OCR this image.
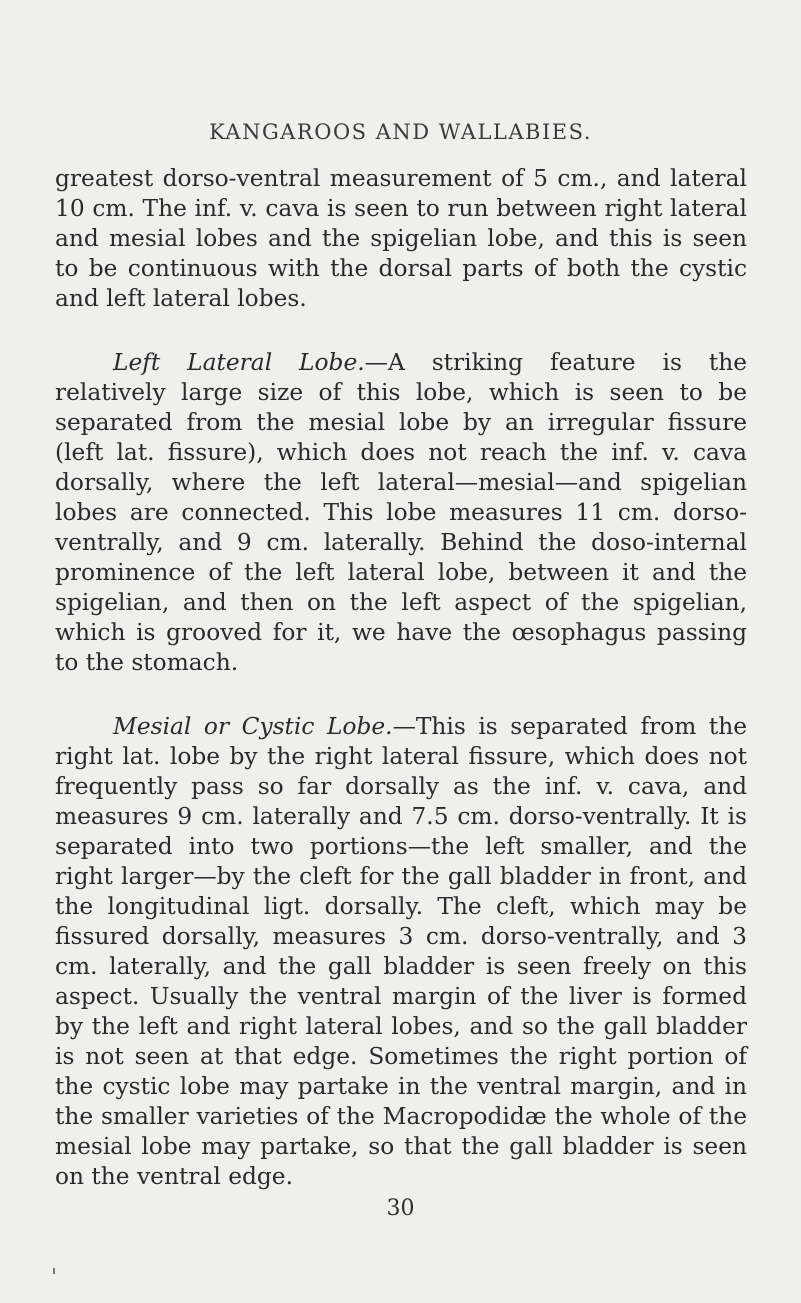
KANGAROOS AND WALLABIES.

greatest dorso-ventral measurement of 5 cm., and lateral 10 cm. The inf. v. cava is seen to run between right lateral and mesial lobes and the spigelian lobe, and this is seen to be continuous with the dorsal parts of both the cystic and left lateral lobes.

Left Lateral Lobe.—A striking feature is the relatively large size of this lobe, which is seen to be separated from the mesial lobe by an irregular fissure (left lat. fissure), which does not reach the inf. v. cava dorsally, where the left lateral—mesial—and spigelian lobes are connected. This lobe measures 11 cm. dorso-ventrally, and 9 cm. laterally. Behind the doso-internal prominence of the left lateral lobe, between it and the spigelian, and then on the left aspect of the spigelian, which is grooved for it, we have the œsophagus passing to the stomach.

Mesial or Cystic Lobe.—This is separated from the right lat. lobe by the right lateral fissure, which does not frequently pass so far dorsally as the inf. v. cava, and measures 9 cm. laterally and 7.5 cm. dorso-ventrally. It is separated into two portions—the left smaller, and the right larger—by the cleft for the gall bladder in front, and the longitudinal ligt. dorsally. The cleft, which may be fissured dorsally, measures 3 cm. dorso-ventrally, and 3 cm. laterally, and the gall bladder is seen freely on this aspect. Usually the ventral margin of the liver is formed by the left and right lateral lobes, and so the gall bladder is not seen at that edge. Sometimes the right portion of the cystic lobe may partake in the ventral margin, and in the smaller varieties of the Macropodidæ the whole of the mesial lobe may partake, so that the gall bladder is seen on the ventral edge.

30
